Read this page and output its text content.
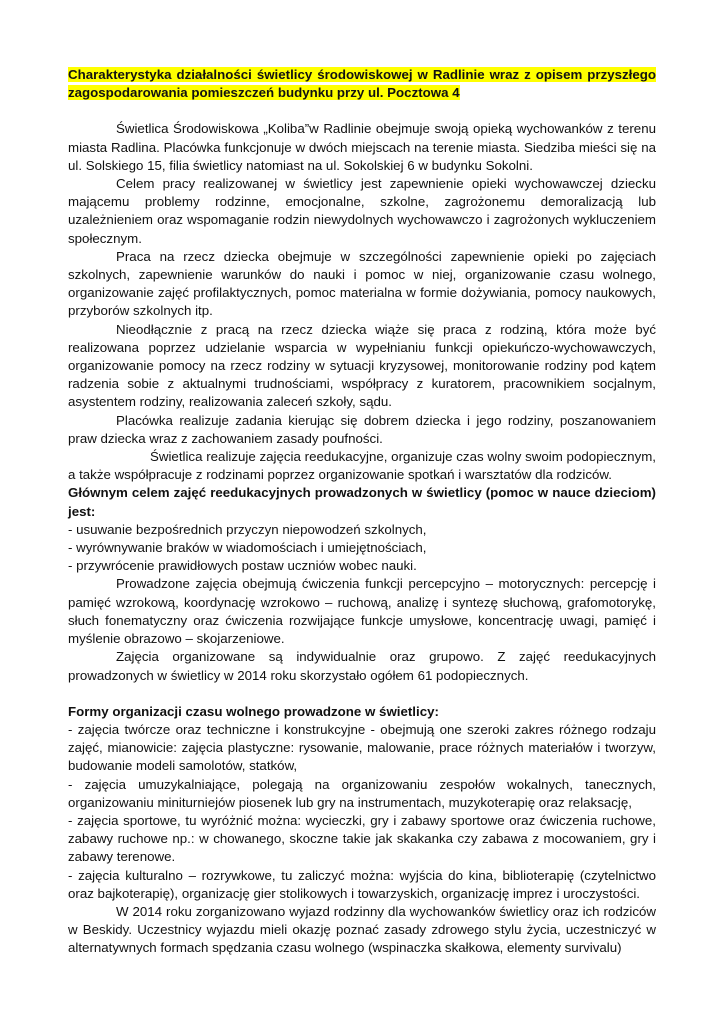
Charakterystyka działalności świetlicy środowiskowej w Radlinie wraz z opisem przyszłego zagospodarowania pomieszczeń budynku przy ul. Pocztowa 4

Świetlica Środowiskowa „Koliba”w Radlinie obejmuje swoją opieką wychowanków z terenu miasta Radlina. Placówka funkcjonuje w dwóch miejscach na terenie miasta. Siedziba mieści się na ul. Solskiego 15, filia świetlicy natomiast na ul. Sokolskiej 6 w budynku Sokolni.

Celem pracy realizowanej w świetlicy jest zapewnienie opieki wychowawczej dziecku mającemu problemy rodzinne, emocjonalne, szkolne, zagrożonemu demoralizacją lub uzależnieniem oraz wspomaganie rodzin niewydolnych wychowawczo i zagrożonych wykluczeniem społecznym.

Praca na rzecz dziecka obejmuje w szczególności zapewnienie opieki po zajęciach szkolnych, zapewnienie warunków do nauki i pomoc w niej, organizowanie czasu wolnego, organizowanie zajęć profilaktycznych, pomoc materialna w formie dożywiania, pomocy naukowych, przyborów szkolnych itp.

Nieodłącznie z pracą na rzecz dziecka wiąże się praca z rodziną, która może być realizowana poprzez udzielanie wsparcia w wypełnianiu funkcji opiekuńczo-wychowawczych, organizowanie pomocy na rzecz rodziny w sytuacji kryzysowej, monitorowanie rodziny pod kątem radzenia sobie z aktualnymi trudnościami, współpracy z kuratorem, pracownikiem socjalnym, asystentem rodziny, realizowania zaleceń szkoły, sądu.

Placówka realizuje zadania kierując się dobrem dziecka i jego rodziny, poszanowaniem praw dziecka wraz z zachowaniem zasady poufności.

Świetlica realizuje zajęcia reedukacyjne, organizuje czas wolny swoim podopiecznym, a także współpracuje z rodzinami poprzez organizowanie spotkań i warsztatów dla rodziców.

Głównym celem zajęć reedukacyjnych prowadzonych w świetlicy (pomoc w nauce dzieciom) jest:

- usuwanie bezpośrednich przyczyn niepowodzeń szkolnych,
- wyrównywanie braków w wiadomościach i umiejętnościach,
- przywrócenie prawidłowych postaw uczniów wobec nauki.

Prowadzone zajęcia obejmują ćwiczenia funkcji percepcyjno – motorycznych: percepcję i pamięć wzrokową, koordynację wzrokowo – ruchową, analizę i syntezę słuchową, grafomotorykę, słuch fonematyczny oraz ćwiczenia rozwijające funkcje umysłowe, koncentrację uwagi, pamięć i myślenie obrazowo – skojarzeniowe.

Zajęcia organizowane są indywidualnie oraz grupowo. Z zajęć reedukacyjnych prowadzonych w świetlicy w 2014 roku skorzystało ogółem 61 podopiecznych.

Formy organizacji czasu wolnego prowadzone w świetlicy:

- zajęcia twórcze oraz techniczne i konstrukcyjne - obejmują one szeroki zakres różnego rodzaju zajęć, mianowicie: zajęcia plastyczne: rysowanie, malowanie, prace różnych materiałów i tworzyw, budowanie modeli samolotów, statków,
- zajęcia umuzykalniające, polegają na organizowaniu zespołów wokalnych, tanecznych, organizowaniu miniturniejów piosenek lub gry na instrumentach, muzykoterapię oraz relaksację,
- zajęcia sportowe, tu wyróżnić można: wycieczki, gry i zabawy sportowe oraz ćwiczenia ruchowe, zabawy ruchowe np.: w chowanego, skoczne takie jak skakanka czy zabawa z mocowaniem, gry i zabawy terenowe.
- zajęcia kulturalno – rozrywkowe, tu zaliczyć można: wyjścia do kina, biblioterapię (czytelnictwo oraz bajkoterapię), organizację gier stolikowych i towarzyskich, organizację imprez i uroczystości.

W 2014 roku zorganizowano wyjazd rodzinny dla wychowanków świetlicy oraz ich rodziców w Beskidy. Uczestnicy wyjazdu mieli okazję poznać zasady zdrowego stylu życia, uczestniczyć w alternatywnych formach spędzania czasu wolnego (wspinaczka skałkowa, elementy survivalu)
